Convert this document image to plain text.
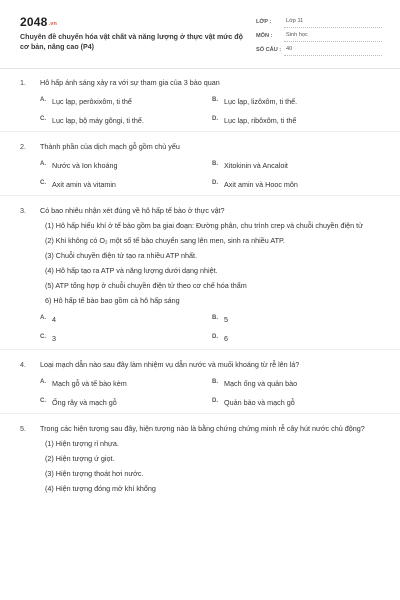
2048.vn
Chuyên đề chuyển hóa vật chất và năng lượng ở thực vật mức độ cơ bản, nâng cao (P4)
LỚP :	Lớp 11
MÔN :	Sinh học
SỐ CÂU : 40
1. Hô hấp ánh sáng xảy ra với sự tham gia của 3 bào quan
A. Lục lạp, perôxixôm, ti thể	B. Lục lạp, lizôxôm, ti thể.
C. Lục lạp, bộ máy gôngi, ti thể.	D. Lục lạp, ribôxôm, ti thể
2. Thành phần của dịch mạch gỗ gồm chủ yếu
A. Nước và Ion khoáng	B. Xitokinin và Ancaloit
C. Axit amin và vitamin	D. Axit amin và Hooc môn
3. Có bao nhiêu nhận xét đúng về hô hấp tế bào ở thực vật?
(1) Hô hấp hiếu khí ở tế bào gồm ba giai đoạn: Đường phân, chu trình crep và chuỗi chuyền điện tử
(2) Khi không có O₂ một số tế bào chuyển sang lên men, sinh ra nhiều ATP.
(3) Chuỗi chuyền điện tử tạo ra nhiều ATP nhất.
(4) Hô hấp tạo ra ATP và năng lượng dưới dạng nhiệt.
(5) ATP tổng hợp ở chuỗi chuyền điện tử theo cơ chế hóa thẩm
6) Hô hấp tế bào bao gồm cả hô hấp sáng
A. 4	B. 5
C. 3	D. 6
4. Loại mạch dẫn nào sau đây làm nhiệm vụ dẫn nước và muối khoáng từ rễ lên lá?
A. Mạch gỗ và tế bào kèm	B. Mạch ống và quản bào
C. Ống rây và mạch gỗ	D. Quản bào và mạch gỗ
5. Trong các hiện tượng sau đây, hiện tượng nào là bằng chứng chứng minh rễ cây hút nước chủ động?
(1) Hiện tượng rỉ nhựa.
(2) Hiện tượng ứ giọt.
(3) Hiện tượng thoát hơi nước.
(4) Hiện tượng đóng mở khí khổng
